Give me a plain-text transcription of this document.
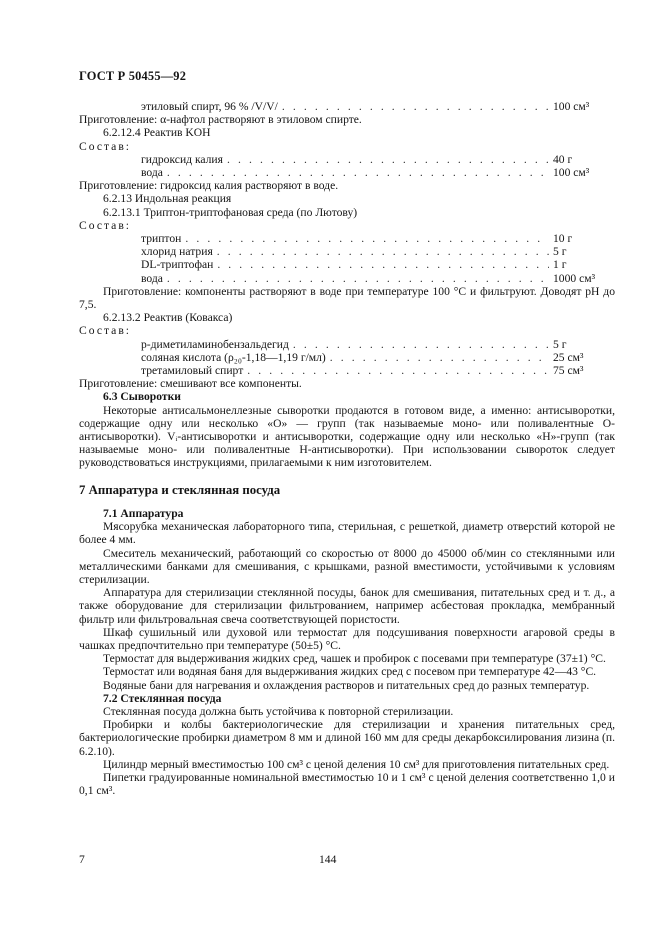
ГОСТ Р 50455—92
этиловый спирт, 96 % /V/V/ . . .	100 см³
Приготовление: α-нафтол растворяют в этиловом спирте.
6.2.12.4 Реактив KOH
Состав:
гидроксид калия . . .	40 г
вода . . .	100 см³
Приготовление: гидроксид калия растворяют в воде.
6.2.13 Индольная реакция
6.2.13.1 Триптон-триптофановая среда (по Лютову)
Состав:
триптон . . .	10 г
хлорид натрия . . .	5 г
DL-триптофан . . .	1 г
вода . . .	1000 см³
Приготовление: компоненты растворяют в воде при температуре 100 °С и фильтруют. Доводят pH до 7,5.
6.2.13.2 Реактив (Ковакса)
Состав:
р-диметиламинобензальдегид . . .	5 г
соляная кислота (ρ₂₀-1,18—1,19 г/мл) . . .	25 см³
третамиловый спирт . . .	75 см³
Приготовление: смешивают все компоненты.
6.3 Сыворотки
Некоторые антисальмонеллезные сыворотки продаются в готовом виде, а именно: антисыворотки, содержащие одну или несколько «O» — групп (так называемые моно- или поливалентные O-антисыворотки). Vᵢ-антисыворотки и антисыворотки, содержащие одну или несколько «Н»-групп (так называемые моно- или поливалентные Н-антисыворотки). При использовании сывороток следует руководствоваться инструкциями, прилагаемыми к ним изготовителем.
7 Аппаратура и стеклянная посуда
7.1 Аппаратура
Мясорубка механическая лабораторного типа, стерильная, с решеткой, диаметр отверстий которой не более 4 мм.
Смеситель механический, работающий со скоростью от 8000 до 45000 об/мин со стеклянными или металлическими банками для смешивания, с крышками, разной вместимости, устойчивыми к условиям стерилизации.
Аппаратура для стерилизации стеклянной посуды, банок для смешивания, питательных сред и т. д., а также оборудование для стерилизации фильтрованием, например асбестовая прокладка, мембранный фильтр или фильтровальная свеча соответствующей пористости.
Шкаф сушильный или духовой или термостат для подсушивания поверхности агаровой среды в чашках предпочтительно при температуре (50±5) °С.
Термостат для выдерживания жидких сред, чашек и пробирок с посевами при температуре (37±1) °С.
Термостат или водяная баня для выдерживания жидких сред с посевом при температуре 42—43 °С.
Водяные бани для нагревания и охлаждения растворов и питательных сред до разных температур.
7.2 Стеклянная посуда
Стеклянная посуда должна быть устойчива к повторной стерилизации.
Пробирки и колбы бактериологические для стерилизации и хранения питательных сред, бактериологические пробирки диаметром 8 мм и длиной 160 мм для среды декарбоксилирования лизина (п. 6.2.10).
Цилиндр мерный вместимостью 100 см³ с ценой деления 10 см³ для приготовления питательных сред.
Пипетки градуированные номинальной вместимостью 10 и 1 см³ с ценой деления соответственно 1,0 и 0,1 см³.
7	144
